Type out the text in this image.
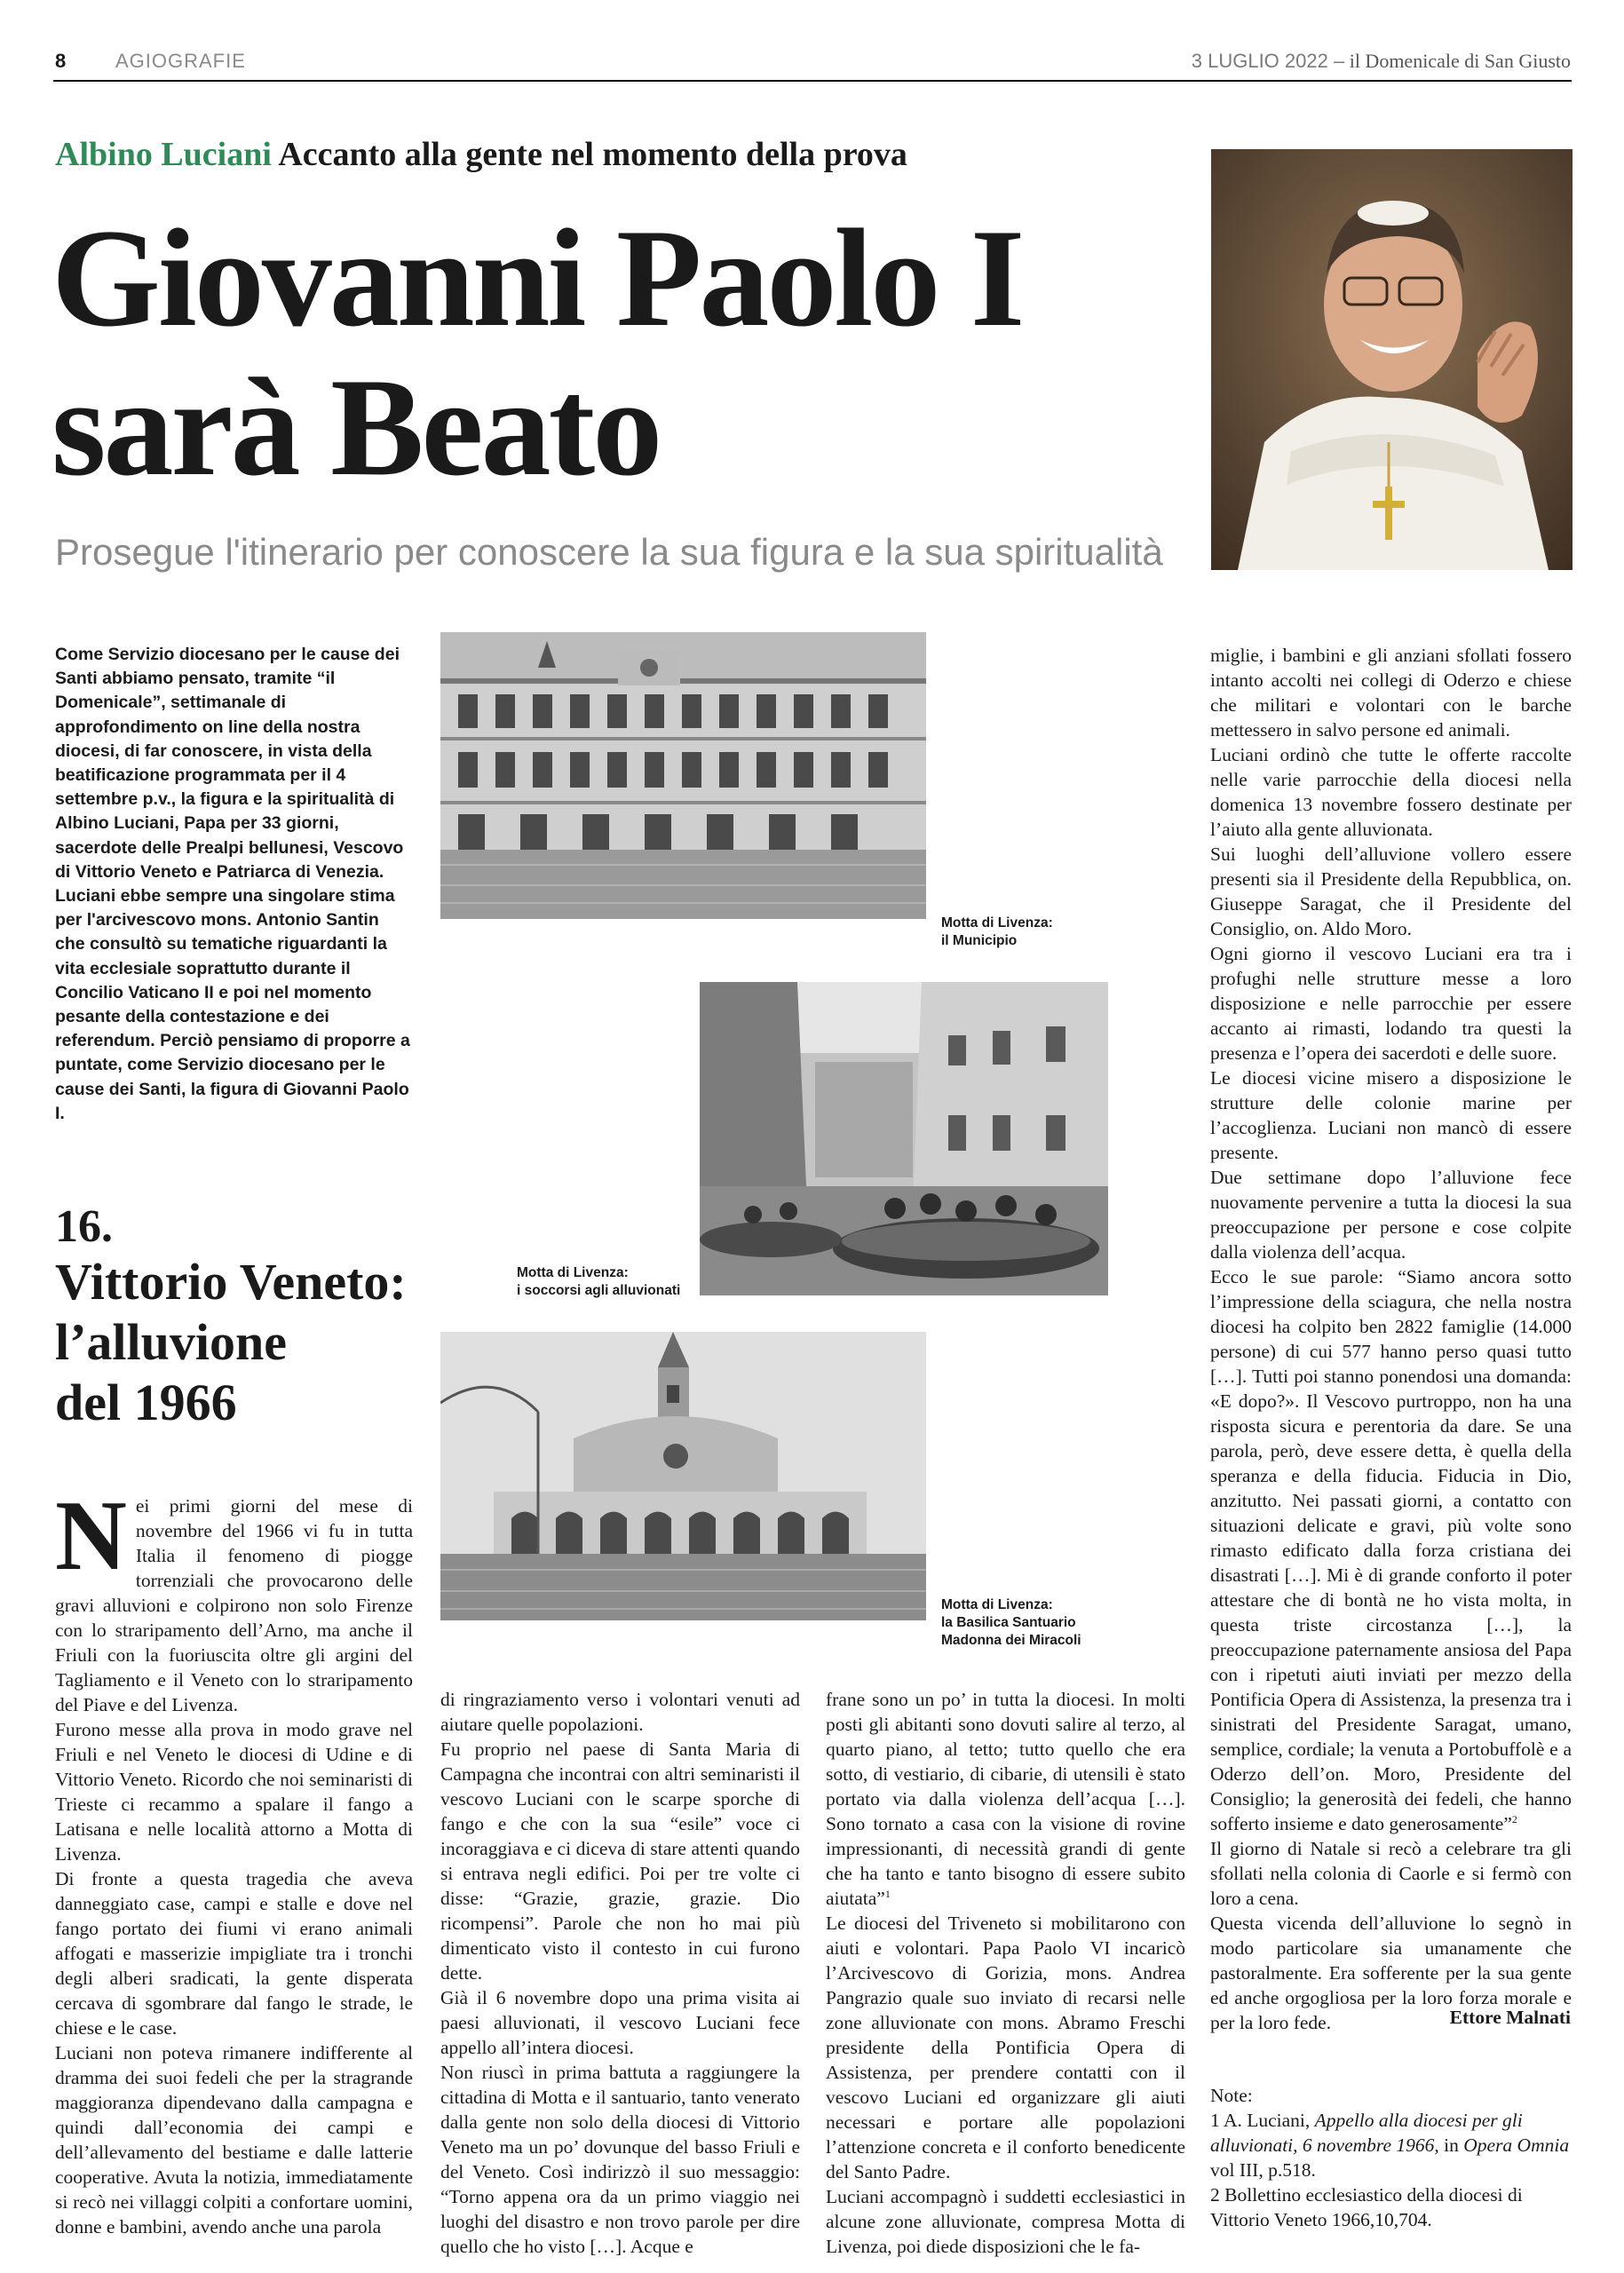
8	AGIOGRAFIE	3 LUGLIO 2022 – il Domenicale di San Giusto
Albino Luciani Accanto alla gente nel momento della prova
Giovanni Paolo I
sarà Beato
Prosegue l'itinerario per conoscere la sua figura e la sua spiritualità
Come Servizio diocesano per le cause dei Santi abbiamo pensato, tramite “il Domenicale”, settimanale di approfondimento on line della nostra diocesi, di far conoscere, in vista della beatificazione programmata per il 4 settembre p.v., la figura e la spiritualità di Albino Luciani, Papa per 33 giorni, sacerdote delle Prealpi bellunesi, Vescovo di Vittorio Veneto e Patriarca di Venezia. Luciani ebbe sempre una singolare stima per l'arcivescovo mons. Antonio Santin che consultò su tematiche riguardanti la vita ecclesiale soprattutto durante il Concilio Vaticano II e poi nel momento pesante della contestazione e dei referendum. Perciò pensiamo di proporre a puntate, come Servizio diocesano per le cause dei Santi, la figura di Giovanni Paolo I.
16.
Vittorio Veneto:
l’alluvione
del 1966
Motta di Livenza:
il Municipio
Motta di Livenza:
i soccorsi agli alluvionati
Motta di Livenza:
la Basilica Santuario
Madonna dei Miracoli
N ei primi giorni del mese di novembre del 1966 vi fu in tutta Italia il fenomeno di piogge torrenziali che provocarono delle gravi alluvioni e colpirono non solo Firenze con lo straripamento dell’Arno, ma anche il Friuli con la fuoriuscita oltre gli argini del Tagliamento e il Veneto con lo straripamento del Piave e del Livenza.

Furono messe alla prova in modo grave nel Friuli e nel Veneto le diocesi di Udine e di Vittorio Veneto. Ricordo che noi seminaristi di Trieste ci recammo a spalare il fango a Latisana e nelle località attorno a Motta di Livenza.

Di fronte a questa tragedia che aveva danneggiato case, campi e stalle e dove nel fango portato dei fiumi vi erano animali affogati e masserizie impigliate tra i tronchi degli alberi sradicati, la gente disperata cercava di sgombrare dal fango le strade, le chiese e le case.

Luciani non poteva rimanere indifferente al dramma dei suoi fedeli che per la stragrande maggioranza dipendevano dalla campagna e quindi dall’economia dei campi e dell’allevamento del bestiame e dalle latterie cooperative. Avuta la notizia, immediatamente si recò nei villaggi colpiti a confortare uomini, donne e bambini, avendo anche una parola

di ringraziamento verso i volontari venuti ad aiutare quelle popolazioni.

Fu proprio nel paese di Santa Maria di Campagna che incontrai con altri seminaristi il vescovo Luciani con le scarpe sporche di fango e che con la sua “esile” voce ci incoraggiava e ci diceva di stare attenti quando si entrava negli edifici. Poi per tre volte ci disse: “Grazie, grazie, grazie. Dio ricompensi”. Parole che non ho mai più dimenticato visto il contesto in cui furono dette.

Già il 6 novembre dopo una prima visita ai paesi alluvionati, il vescovo Luciani fece appello all’intera diocesi.

Non riuscì in prima battuta a raggiungere la cittadina di Motta e il santuario, tanto venerato dalla gente non solo della diocesi di Vittorio Veneto ma un po’ dovunque del basso Friuli e del Veneto. Così indirizzò il suo messaggio: “Torno appena ora da un primo viaggio nei luoghi del disastro e non trovo parole per dire quello che ho visto […]. Acque e

frane sono un po’ in tutta la diocesi. In molti posti gli abitanti sono dovuti salire al terzo, al quarto piano, al tetto; tutto quello che era sotto, di vestiario, di cibarie, di utensili è stato portato via dalla violenza dell’acqua […]. Sono tornato a casa con la visione di rovine impressionanti, di necessità grandi di gente che ha tanto e tanto bisogno di essere subito aiutata”$^1$

Le diocesi del Triveneto si mobilitarono con aiuti e volontari. Papa Paolo VI incaricò l’Arcivescovo di Gorizia, mons. Andrea Pangrazio quale suo inviato di recarsi nelle zone alluvionate con mons. Abramo Freschi presidente della Pontificia Opera di Assistenza, per prendere contatti con il vescovo Luciani ed organizzare gli aiuti necessari e portare alle popolazioni l’attenzione concreta e il conforto benedicente del Santo Padre.

Luciani accompagnò i suddetti ecclesiastici in alcune zone alluvionate, compresa Motta di Livenza, poi diede disposizioni che le fa-

miglie, i bambini e gli anziani sfollati fossero intanto accolti nei collegi di Oderzo e chiese che militari e volontari con le barche mettessero in salvo persone ed animali.

Luciani ordinò che tutte le offerte raccolte nelle varie parrocchie della diocesi nella domenica 13 novembre fossero destinate per l’aiuto alla gente alluvionata.

Sui luoghi dell’alluvione vollero essere presenti sia il Presidente della Repubblica, on. Giuseppe Saragat, che il Presidente del Consiglio, on. Aldo Moro.

Ogni giorno il vescovo Luciani era tra i profughi nelle strutture messe a loro disposizione e nelle parrocchie per essere accanto ai rimasti, lodando tra questi la presenza e l’opera dei sacerdoti e delle suore.

Le diocesi vicine misero a disposizione le strutture delle colonie marine per l’accoglienza. Luciani non mancò di essere presente.

Due settimane dopo l’alluvione fece nuovamente pervenire a tutta la diocesi la sua preoccupazione per persone e cose colpite dalla violenza dell’acqua.

Ecco le sue parole: “Siamo ancora sotto l’impressione della sciagura, che nella nostra diocesi ha colpito ben 2822 famiglie (14.000 persone) di cui 577 hanno perso quasi tutto […]. Tutti poi stanno ponendosi una domanda: «E dopo?». Il Vescovo purtroppo, non ha una risposta sicura e perentoria da dare. Se una parola, però, deve essere detta, è quella della speranza e della fiducia. Fiducia in Dio, anzitutto. Nei passati giorni, a contatto con situazioni delicate e gravi, più volte sono rimasto edificato dalla forza cristiana dei disastrati […]. Mi è di grande conforto il poter attestare che di bontà ne ho vista molta, in questa triste circostanza […], la preoccupazione paternamente ansiosa del Papa con i ripetuti aiuti inviati per mezzo della Pontificia Opera di Assistenza, la presenza tra i sinistrati del Presidente Saragat, umano, semplice, cordiale; la venuta a Portobuffolè e a Oderzo dell’on. Moro, Presidente del Consiglio; la generosità dei fedeli, che hanno sofferto insieme e dato generosamente”$^2$

Il giorno di Natale si recò a celebrare tra gli sfollati nella colonia di Caorle e si fermò con loro a cena.

Questa vicenda dell’alluvione lo segnò in modo particolare sia umanamente che pastoralmente. Era sofferente per la sua gente ed anche orgogliosa per la loro forza morale e per la loro fede.	Ettore Malnati

Note:

1 A. Luciani, Appello alla diocesi per gli alluvionati, 6 novembre 1966, in Opera Omnia vol III, p.518.

2 Bollettino ecclesiastico della diocesi di Vittorio Veneto 1966,10,704.
